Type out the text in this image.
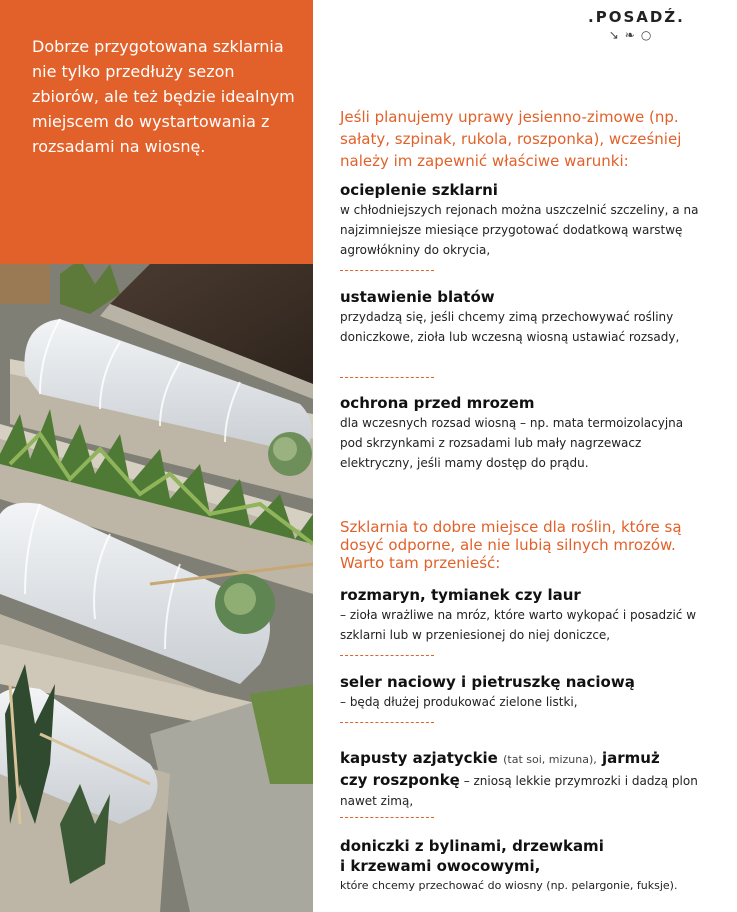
Dobrze przygotowana szklarnia nie tylko przedłuży sezon zbiorów, ale też będzie idealnym miejscem do wystartowania z rozsadami na wiosnę.

.POSADŹ.
↘❧○

Jeśli planujemy uprawy jesienno-zimowe (np. sałaty, szpinak, rukola, roszponka), wcześniej należy im zapewnić właściwe warunki:

ocieplenie szklarni

w chłodniejszych rejonach można uszczelnić szczeliny, a na najzimniejsze miesiące przygotować dodatkową warstwę agrowłókniny do okrycia,

ustawienie blatów

przydadzą się, jeśli chcemy zimą przechowywać rośliny doniczkowe, zioła lub wczesną wiosną ustawiać rozsady,

ochrona przed mrozem

dla wczesnych rozsad wiosną – np. mata termoizolacyjna pod skrzynkami z rozsadami lub mały nagrzewacz elektryczny, jeśli mamy dostęp do prądu.

Szklarnia to dobre miejsce dla roślin, które są dosyć odporne, ale nie lubią silnych mrozów. Warto tam przenieść:

rozmaryn, tymianek czy laur

– zioła wrażliwe na mróz, które warto wykopać i posadzić w szklarni lub w przeniesionej do niej doniczce,

seler naciowy i pietruszkę naciową

– będą dłużej produkować zielone listki,

kapusty azjatyckie (tat soi, mizuna), jarmuż

czy roszponkę – zniosą lekkie przymrozki i dadzą plon nawet zimą,

doniczki z bylinami, drzewkami

i krzewami owocowymi,

które chcemy przechować do wiosny (np. pelargonie, fuksje).
